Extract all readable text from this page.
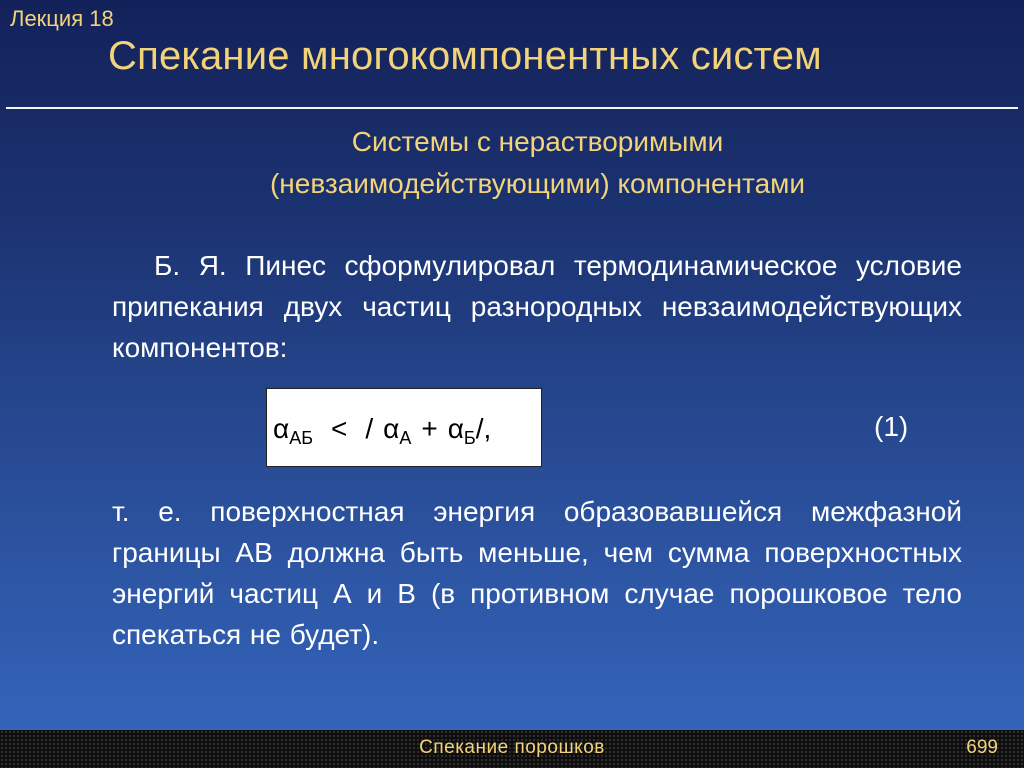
Лекция 18
Спекание многокомпонентных систем
Системы с нерастворимыми
(невзаимодействующими) компонентами
Б. Я. Пинес сформулировал термодинамическое условие припекания двух частиц разнородных невзаимодействующих компонентов:
$\alpha_{АБ}$ < / $\alpha_А + \alpha_Б/$,	(1)
т. е. поверхностная энергия образовавшейся межфазной границы АВ должна быть меньше, чем сумма поверхностных энергий частиц А и В (в противном случае порошковое тело спекаться не будет).
Спекание порошков	699
